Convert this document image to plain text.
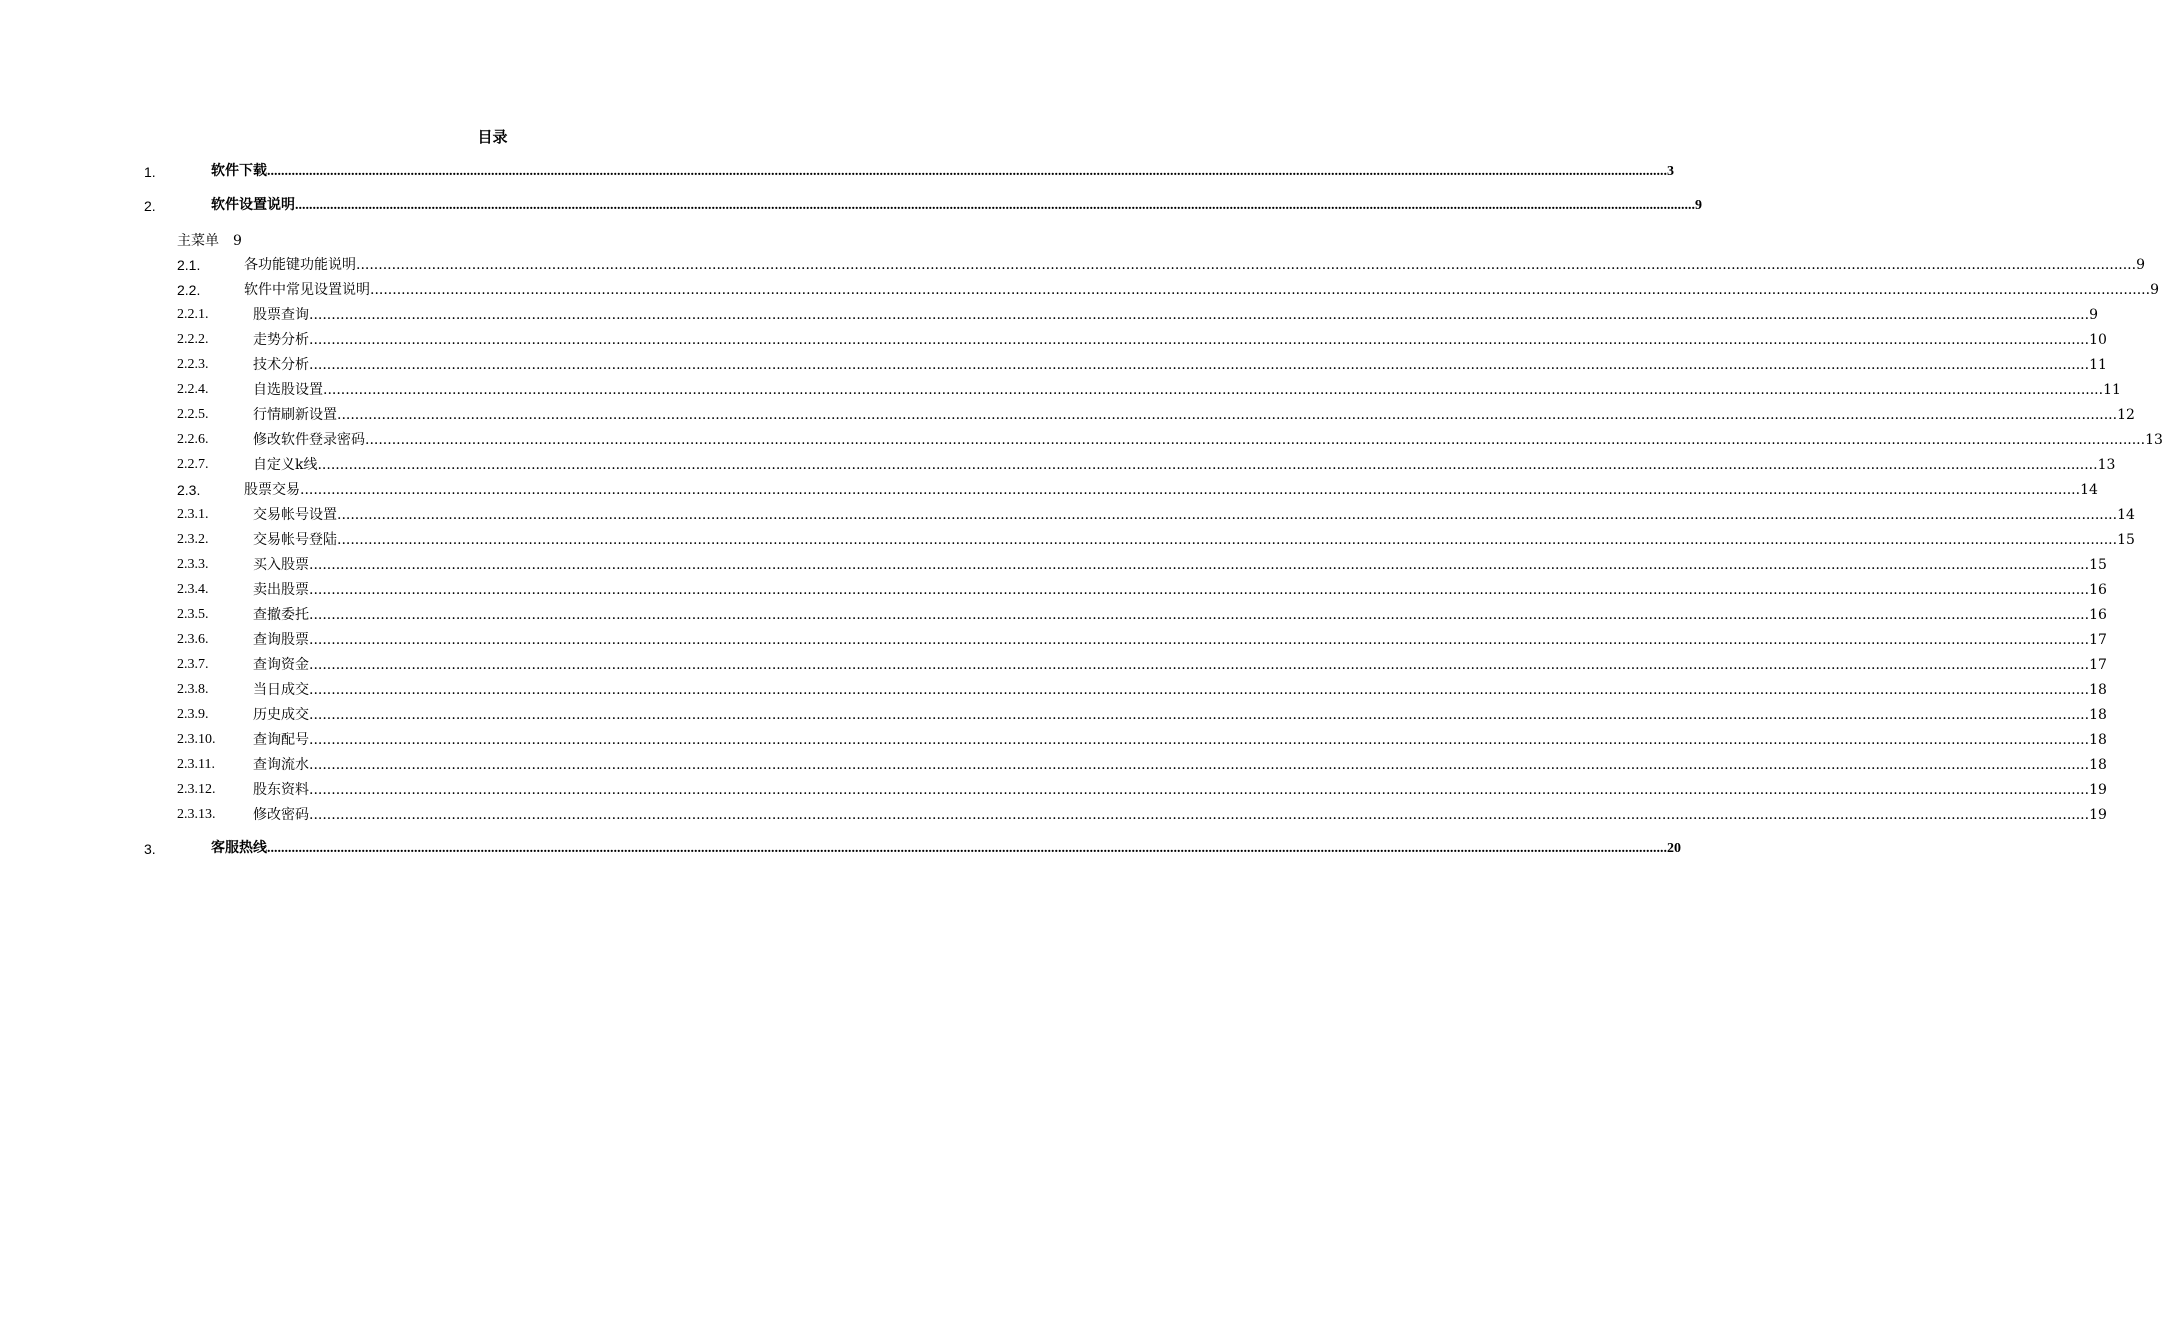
目录
1.	软件下载 ................................................................................................................................................................................................................................................................................................................................................................................................................ 3
2.	软件设置说明 ................................................................................................................................................................................................................................................................................................................................................................................................................ 9
主菜单 9
2.1.	各功能键功能说明 ................................................................................................................................................................................................................................................................................................................................................................................................................ 9
2.2.	软件中常见设置说明 ................................................................................................................................................................................................................................................................................................................................................................................................................ 9
2.2.1.	股票查询 ................................................................................................................................................................................................................................................................................................................................................................................................................ 9
2.2.2.	走势分析 ................................................................................................................................................................................................................................................................................................................................................................................................................ 10
2.2.3.	技术分析 ................................................................................................................................................................................................................................................................................................................................................................................................................ 11
2.2.4.	自选股设置 ................................................................................................................................................................................................................................................................................................................................................................................................................ 11
2.2.5.	行情刷新设置 ................................................................................................................................................................................................................................................................................................................................................................................................................ 12
2.2.6.	修改软件登录密码 ................................................................................................................................................................................................................................................................................................................................................................................................................ 13
2.2.7.	自定义k线 ................................................................................................................................................................................................................................................................................................................................................................................................................ 13
2.3.	股票交易 ................................................................................................................................................................................................................................................................................................................................................................................................................ 14
2.3.1.	交易帐号设置 ................................................................................................................................................................................................................................................................................................................................................................................................................ 14
2.3.2.	交易帐号登陆 ................................................................................................................................................................................................................................................................................................................................................................................................................ 15
2.3.3.	买入股票 ................................................................................................................................................................................................................................................................................................................................................................................................................ 15
2.3.4.	卖出股票 ................................................................................................................................................................................................................................................................................................................................................................................................................ 16
2.3.5.	查撤委托 ................................................................................................................................................................................................................................................................................................................................................................................................................ 16
2.3.6.	查询股票 ................................................................................................................................................................................................................................................................................................................................................................................................................ 17
2.3.7.	查询资金 ................................................................................................................................................................................................................................................................................................................................................................................................................ 17
2.3.8.	当日成交 ................................................................................................................................................................................................................................................................................................................................................................................................................ 18
2.3.9.	历史成交 ................................................................................................................................................................................................................................................................................................................................................................................................................ 18
2.3.10.	查询配号 ................................................................................................................................................................................................................................................................................................................................................................................................................ 18
2.3.11.	查询流水 ................................................................................................................................................................................................................................................................................................................................................................................................................ 18
2.3.12.	股东资料 ................................................................................................................................................................................................................................................................................................................................................................................................................ 19
2.3.13.	修改密码 ................................................................................................................................................................................................................................................................................................................................................................................................................ 19
3.	客服热线 ................................................................................................................................................................................................................................................................................................................................................................................................................ 20
